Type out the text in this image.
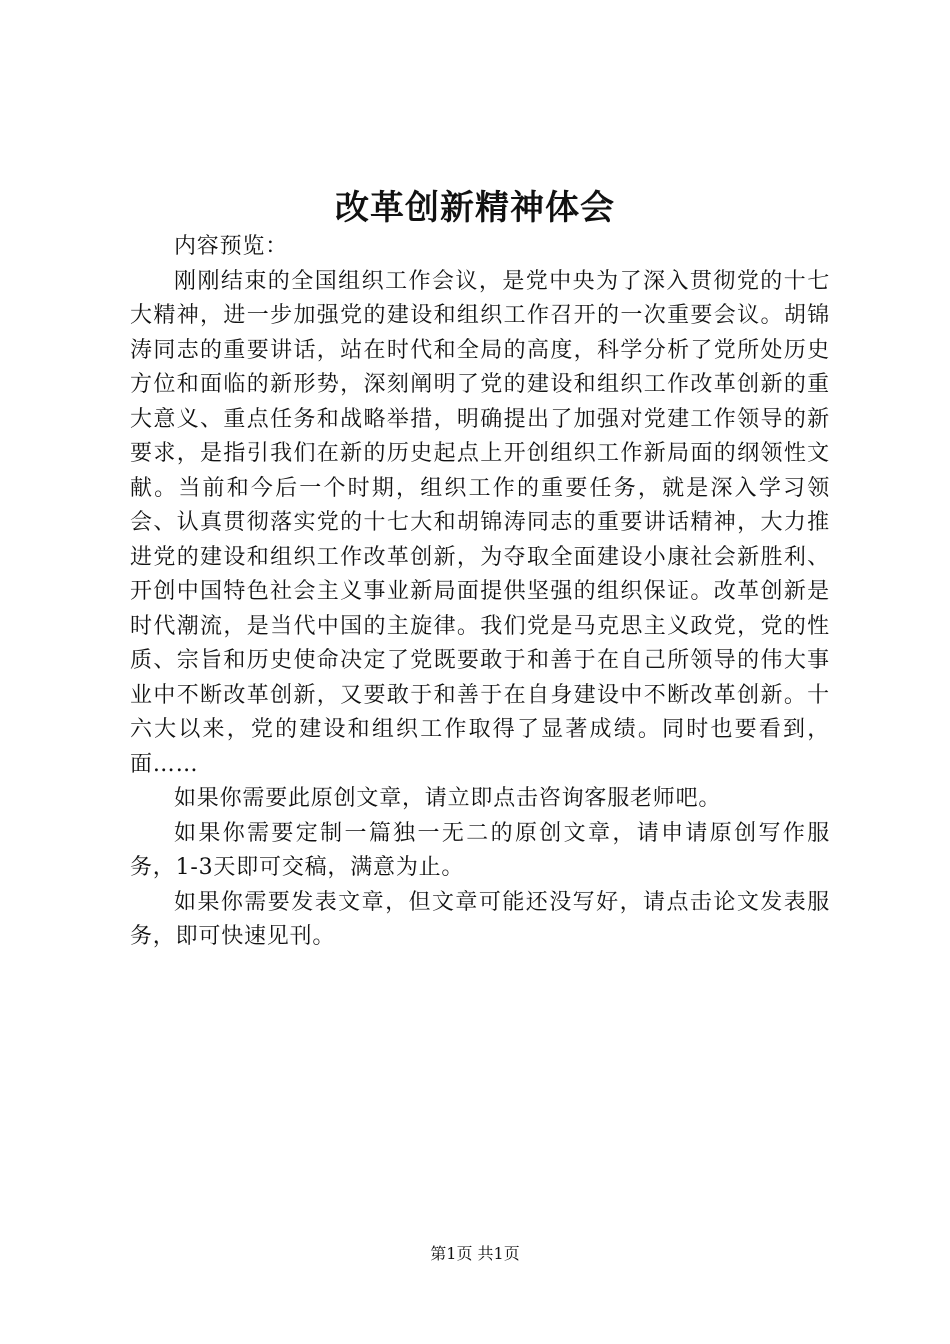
改革创新精神体会

内容预览：

刚刚结束的全国组织工作会议，是党中央为了深入贯彻党的十七大精神，进一步加强党的建设和组织工作召开的一次重要会议。胡锦涛同志的重要讲话，站在时代和全局的高度，科学分析了党所处历史方位和面临的新形势，深刻阐明了党的建设和组织工作改革创新的重大意义、重点任务和战略举措，明确提出了加强对党建工作领导的新要求，是指引我们在新的历史起点上开创组织工作新局面的纲领性文献。当前和今后一个时期，组织工作的重要任务，就是深入学习领会、认真贯彻落实党的十七大和胡锦涛同志的重要讲话精神，大力推进党的建设和组织工作改革创新，为夺取全面建设小康社会新胜利、开创中国特色社会主义事业新局面提供坚强的组织保证。改革创新是时代潮流，是当代中国的主旋律。我们党是马克思主义政党，党的性质、宗旨和历史使命决定了党既要敢于和善于在自己所领导的伟大事业中不断改革创新，又要敢于和善于在自身建设中不断改革创新。十六大以来，党的建设和组织工作取得了显著成绩。同时也要看到，面……

如果你需要此原创文章，请立即点击咨询客服老师吧。

如果你需要定制一篇独一无二的原创文章，请申请原创写作服务，1-3天即可交稿，满意为止。

如果你需要发表文章，但文章可能还没写好，请点击论文发表服务，即可快速见刊。

第1页 共1页
